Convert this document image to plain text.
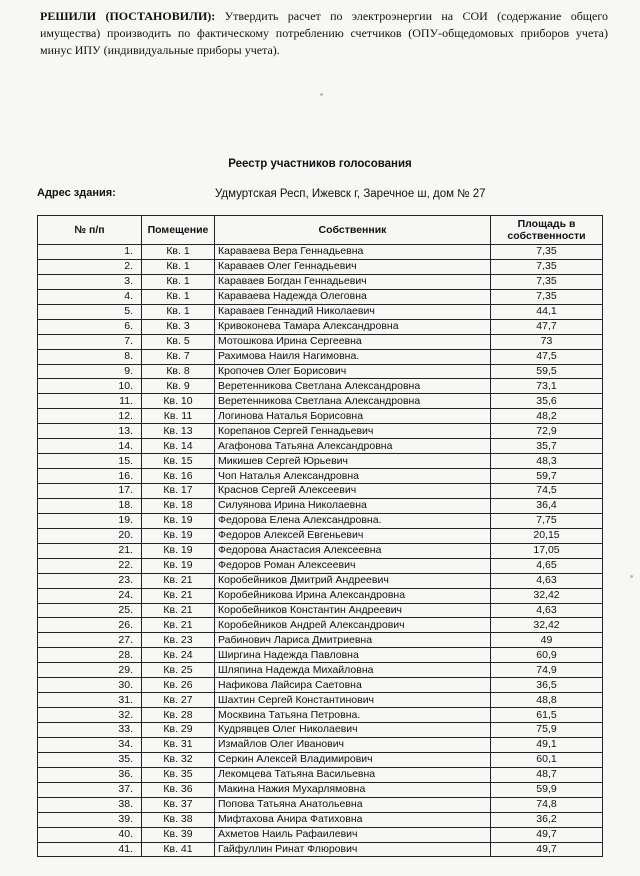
РЕШИЛИ (ПОСТАНОВИЛИ): Утвердить расчет по электроэнергии на СОИ (содержание общего имущества) производить по фактическому потреблению счетчиков (ОПУ-общедомовых приборов учета) минус ИПУ (индивидуальные приборы учета).
Реестр участников голосования
Адрес здания:	Удмуртская Респ, Ижевск г, Заречное ш, дом № 27
№ п/п	Помещение	Собственник	Площадь в собственности
1.	Кв. 1	Караваева Вера Геннадьевна	7,35
2.	Кв. 1	Караваев Олег Геннадьевич	7,35
3.	Кв. 1	Караваев Богдан Геннадьевич	7,35
4.	Кв. 1	Караваева Надежда Олеговна	7,35
5.	Кв. 1	Караваев Геннадий Николаевич	44,1
6.	Кв. 3	Кривоконева Тамара Александровна	47,7
7.	Кв. 5	Мотошкова Ирина Сергеевна	73
8.	Кв. 7	Рахимова Наиля Нагимовна.	47,5
9.	Кв. 8	Кропочев Олег Борисович	59,5
10.	Кв. 9	Веретенникова Светлана Александровна	73,1
11.	Кв. 10	Веретенникова Светлана Александровна	35,6
12.	Кв. 11	Логинова Наталья Борисовна	48,2
13.	Кв. 13	Корепанов Сергей Геннадьевич	72,9
14.	Кв. 14	Агафонова Татьяна Александровна	35,7
15.	Кв. 15	Микишев Сергей Юрьевич	48,3
16.	Кв. 16	Чоп Наталья Александровна	59,7
17.	Кв. 17	Краснов Сергей Алексеевич	74,5
18.	Кв. 18	Силуянова Ирина Николаевна	36,4
19.	Кв. 19	Федорова Елена Александровна.	7,75
20.	Кв. 19	Федоров Алексей Евгеньевич	20,15
21.	Кв. 19	Федорова Анастасия Алексеевна	17,05
22.	Кв. 19	Федоров Роман Алексеевич	4,65
23.	Кв. 21	Коробейников Дмитрий Андреевич	4,63
24.	Кв. 21	Коробейникова Ирина Александровна	32,42
25.	Кв. 21	Коробейников Константин Андреевич	4,63
26.	Кв. 21	Коробейников Андрей Александрович	32,42
27.	Кв. 23	Рабинович Лариса Дмитриевна	49
28.	Кв. 24	Ширгина Надежда Павловна	60,9
29.	Кв. 25	Шляпина Надежда Михайловна	74,9
30.	Кв. 26	Нафикова Лайсира Саетовна	36,5
31.	Кв. 27	Шахтин Сергей Константинович	48,8
32.	Кв. 28	Москвина Татьяна Петровна.	61,5
33.	Кв. 29	Кудрявцев Олег Николаевич	75,9
34.	Кв. 31	Измайлов Олег Иванович	49,1
35.	Кв. 32	Серкин Алексей Владимирович	60,1
36.	Кв. 35	Лекомцева Татьяна Васильевна	48,7
37.	Кв. 36	Макина Нажия Мухарлямовна	59,9
38.	Кв. 37	Попова Татьяна Анатольевна	74,8
39.	Кв. 38	Мифтахова Анира Фатиховна	36,2
40.	Кв. 39	Ахметов Наиль Рафаилевич	49,7
41.	Кв. 41	Гайфуллин Ринат Флюрович	49,7
